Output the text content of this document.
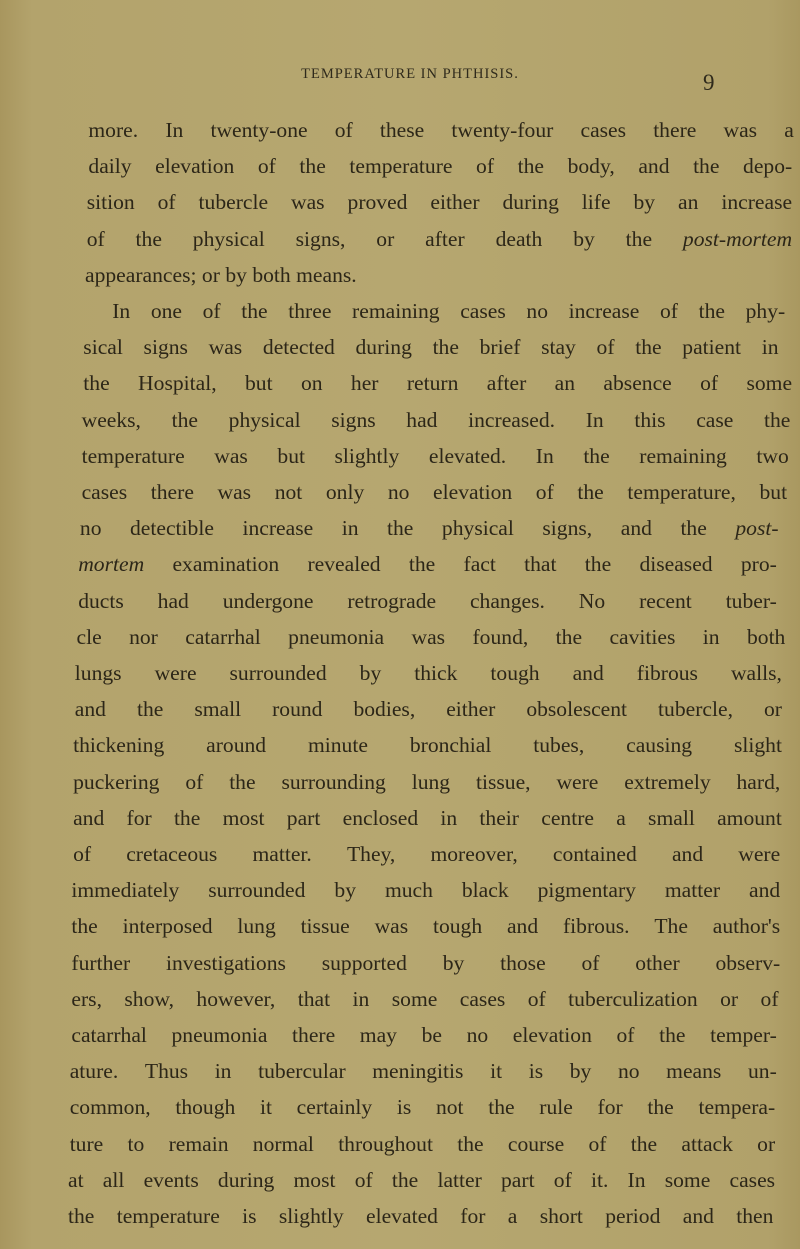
TEMPERATURE IN PHTHISIS.	9
more. In twenty-one of these twenty-four cases there was a
daily elevation of the temperature of the body, and the depo-
sition of tubercle was proved either during life by an increase
of the physical signs, or after death by the post-mortem
appearances;
or
by
both
means.

In one of the three remaining cases no increase of the phy-
sical signs was detected during the brief stay of the patient in
the Hospital, but on her return after an absence of some
weeks, the physical signs had increased. In this case the
temperature was but slightly elevated. In the remaining two
cases there was not only no elevation of the temperature, but
no detectible increase in the physical signs, and the post-
mortem examination revealed the fact that the diseased pro-
ducts had undergone retrograde changes. No recent tuber-
cle nor catarrhal pneumonia was found, the cavities in both
lungs were surrounded by thick tough and fibrous walls,
and the small round bodies, either obsolescent tubercle, or
thickening around minute bronchial tubes, causing slight
puckering of the surrounding lung tissue, were extremely hard,
and for the most part enclosed in their centre a small amount
of cretaceous matter. They, moreover, contained and were
immediately surrounded by much black pigmentary matter and
the interposed lung tissue was tough and fibrous. The author's
further investigations supported by those of other observ-
ers, show, however, that in some cases of tuberculization or of
catarrhal pneumonia there may be no elevation of the temper-
ature. Thus in tubercular meningitis it is by no means un-
common, though it certainly is not the rule for the tempera-
ture to remain normal throughout the course of the attack or
at all events during most of the latter part of it. In some cases
the temperature is slightly elevated for a short period and then
